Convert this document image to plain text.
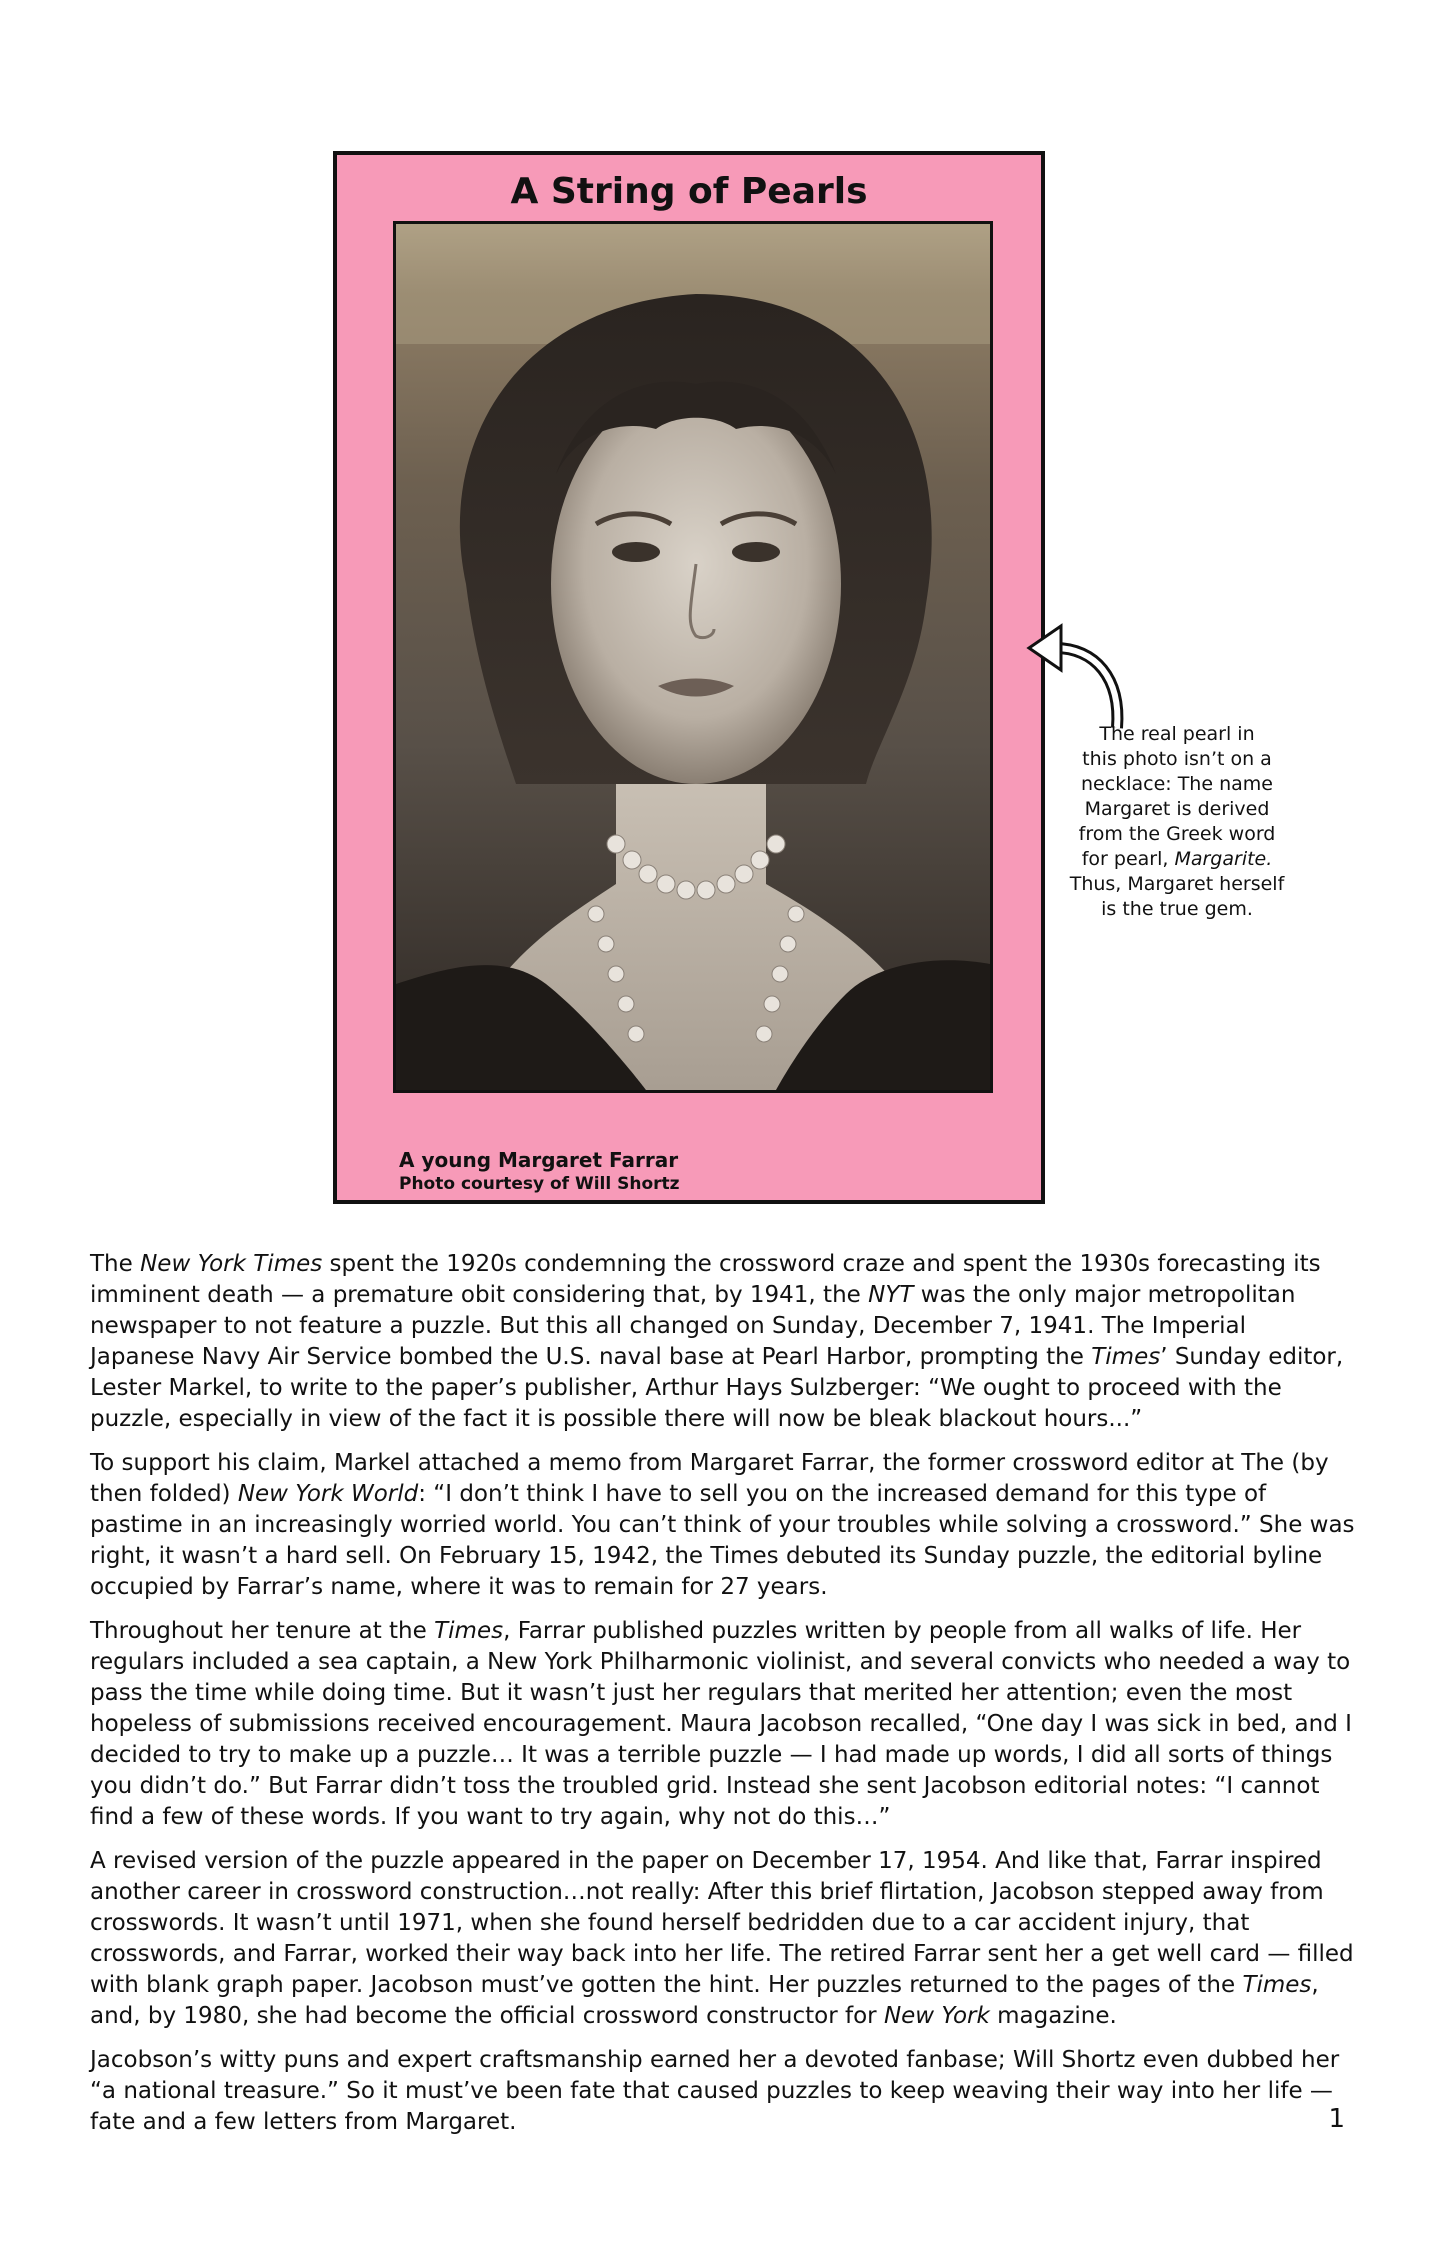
A String of Pearls
A young Margaret Farrar
Photo courtesy of Will Shortz
The real pearl in
this photo isn’t on a
necklace: The name
Margaret is derived
from the Greek word
for pearl, Margarite.
Thus, Margaret herself
is the true gem.

The New York Times spent the 1920s condemning the crossword craze and spent the 1930s forecasting its imminent death — a premature obit considering that, by 1941, the NYT was the only major metropolitan newspaper to not feature a puzzle. But this all changed on Sunday, December 7, 1941. The Imperial Japanese Navy Air Service bombed the U.S. naval base at Pearl Harbor, prompting the Times’ Sunday editor, Lester Markel, to write to the paper’s publisher, Arthur Hays Sulzberger: “We ought to proceed with the puzzle, especially in view of the fact it is possible there will now be bleak blackout hours...”

To support his claim, Markel attached a memo from Margaret Farrar, the former crossword editor at The (by then folded) New York World: “I don’t think I have to sell you on the increased demand for this type of pastime in an increasingly worried world. You can’t think of your troubles while solving a crossword.” She was right, it wasn’t a hard sell. On February 15, 1942, the Times debuted its Sunday puzzle, the editorial byline occupied by Farrar’s name, where it was to remain for 27 years.

Throughout her tenure at the Times, Farrar published puzzles written by people from all walks of life. Her regulars included a sea captain, a New York Philharmonic violinist, and several convicts who needed a way to pass the time while doing time. But it wasn’t just her regulars that merited her attention; even the most hopeless of submissions received encouragement. Maura Jacobson recalled, “One day I was sick in bed, and I decided to try to make up a puzzle… It was a terrible puzzle — I had made up words, I did all sorts of things you didn’t do.” But Farrar didn’t toss the troubled grid. Instead she sent Jacobson editorial notes: “I cannot find a few of these words. If you want to try again, why not do this…”

A revised version of the puzzle appeared in the paper on December 17, 1954. And like that, Farrar inspired another career in crossword construction…not really: After this brief flirtation, Jacobson stepped away from crosswords. It wasn’t until 1971, when she found herself bedridden due to a car accident injury, that crosswords, and Farrar, worked their way back into her life. The retired Farrar sent her a get well card — filled with blank graph paper. Jacobson must’ve gotten the hint. Her puzzles returned to the pages of the Times, and, by 1980, she had become the official crossword constructor for New York magazine.

Jacobson’s witty puns and expert craftsmanship earned her a devoted fanbase; Will Shortz even dubbed her “a national treasure.” So it must’ve been fate that caused puzzles to keep weaving their way into her life — fate and a few letters from Margaret.	1
